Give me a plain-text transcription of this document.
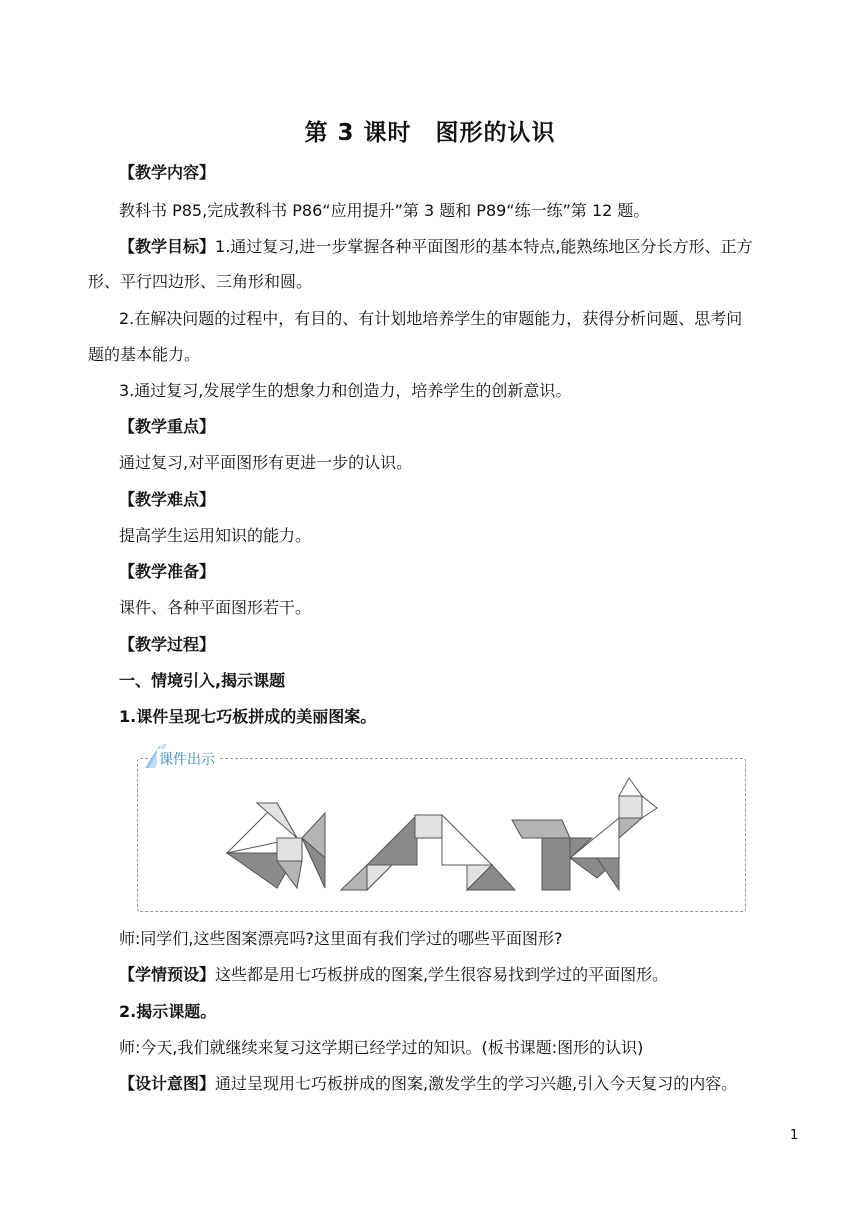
第 3 课时　图形的认识
【教学内容】
教科书 P85,完成教科书 P86“应用提升”第 3 题和 P89“练一练”第 12 题。
【教学目标】1.通过复习,进一步掌握各种平面图形的基本特点,能熟练地区分长方形、正方
形、平行四边形、三角形和圆。
2.在解决问题的过程中，有目的、有计划地培养学生的审题能力，获得分析问题、思考问
题的基本能力。
3.通过复习,发展学生的想象力和创造力，培养学生的创新意识。
【教学重点】
通过复习,对平面图形有更进一步的认识。
【教学难点】
提高学生运用知识的能力。
【教学准备】
课件、各种平面图形若干。
【教学过程】
一、情境引入,揭示课题
1.课件呈现七巧板拼成的美丽图案。
课件出示
师:同学们,这些图案漂亮吗?这里面有我们学过的哪些平面图形?
【学情预设】这些都是用七巧板拼成的图案,学生很容易找到学过的平面图形。
2.揭示课题。
师:今天,我们就继续来复习这学期已经学过的知识。(板书课题:图形的认识)
【设计意图】通过呈现用七巧板拼成的图案,激发学生的学习兴趣,引入今天复习的内容。
1
